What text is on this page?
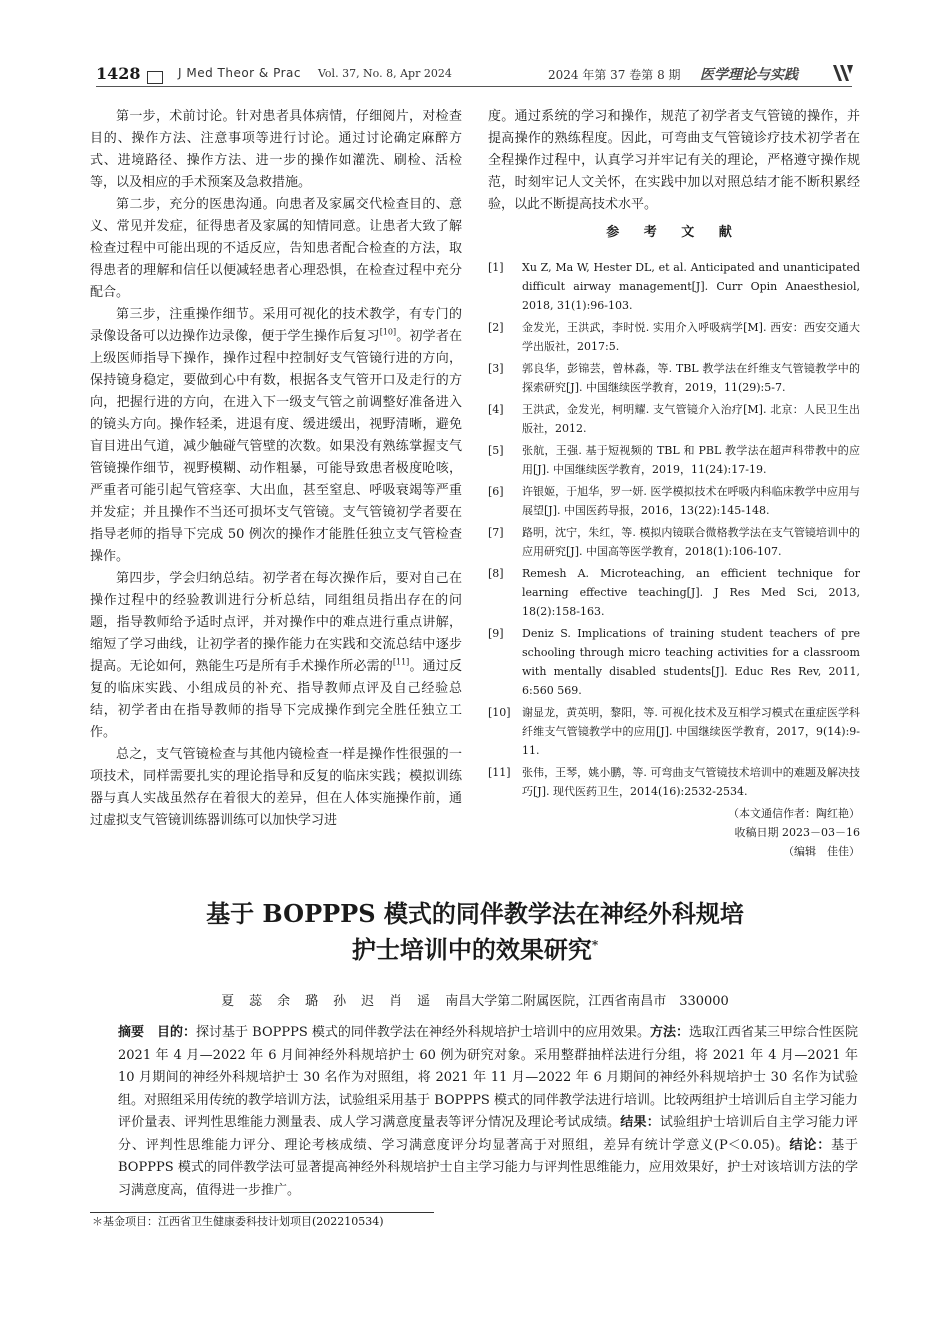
1428	J Med Theor & Prac Vol. 37, No. 8, Apr 2024	2024 年第 37 卷第 8 期 医学理论与实践

第一步，术前讨论。针对患者具体病情，仔细阅片，对检查目的、操作方法、注意事项等进行讨论。通过讨论确定麻醉方式、进境路径、操作方法、进一步的操作如灌洗、刷检、活检等，以及相应的手术预案及急救措施。

第二步，充分的医患沟通。向患者及家属交代检查目的、意义、常见并发症，征得患者及家属的知情同意。让患者大致了解检查过程中可能出现的不适反应，告知患者配合检查的方法，取得患者的理解和信任以便减轻患者心理恐惧，在检查过程中充分配合。

第三步，注重操作细节。采用可视化的技术教学，有专门的录像设备可以边操作边录像，便于学生操作后复习[10]。初学者在上级医师指导下操作，操作过程中控制好支气管镜行进的方向，保持镜身稳定，要做到心中有数，根据各支气管开口及走行的方向，把握行进的方向，在进入下一级支气管之前调整好准备进入的镜头方向。操作轻柔，进退有度、缓进缓出，视野清晰，避免盲目进出气道，减少触碰气管壁的次数。如果没有熟练掌握支气管镜操作细节，视野模糊、动作粗暴，可能导致患者极度呛咳，严重者可能引起气管痉挛、大出血，甚至窒息、呼吸衰竭等严重并发症；并且操作不当还可损坏支气管镜。支气管镜初学者要在指导老师的指导下完成 50 例次的操作才能胜任独立支气管检查操作。

第四步，学会归纳总结。初学者在每次操作后，要对自己在操作过程中的经验教训进行分析总结，同组组员指出存在的问题，指导教师给予适时点评，并对操作中的难点进行重点讲解，缩短了学习曲线，让初学者的操作能力在实践和交流总结中逐步提高。无论如何，熟能生巧是所有手术操作所必需的[11]。通过反复的临床实践、小组成员的补充、指导教师点评及自己经验总结，初学者由在指导教师的指导下完成操作到完全胜任独立工作。

总之，支气管镜检查与其他内镜检查一样是操作性很强的一项技术，同样需要扎实的理论指导和反复的临床实践；模拟训练器与真人实战虽然存在着很大的差异，但在人体实施操作前，通过虚拟支气管镜训练器训练可以加快学习进

度。通过系统的学习和操作，规范了初学者支气管镜的操作，并提高操作的熟练程度。因此，可弯曲支气管镜诊疗技术初学者在全程操作过程中，认真学习并牢记有关的理论，严格遵守操作规范，时刻牢记人文关怀，在实践中加以对照总结才能不断积累经验，以此不断提高技术水平。

参 考 文 献
[1]	Xu Z, Ma W, Hester DL, et al. Anticipated and unanticipated difficult airway management[J]. Curr Opin Anaesthesiol, 2018, 31(1):96-103.
[2]	金发光，王洪武，李时悦. 实用介入呼吸病学[M]. 西安：西安交通大学出版社，2017:5.
[3]	郭良华，彭锦芸，曾林淼，等. TBL 教学法在纤维支气管镜教学中的探索研究[J]. 中国继续医学教育，2019，11(29):5-7.
[4]	王洪武，金发光，柯明耀. 支气管镜介入治疗[M]. 北京：人民卫生出版社，2012.
[5]	张航，王强. 基于短视频的 TBL 和 PBL 教学法在超声科带教中的应用[J]. 中国继续医学教育，2019，11(24):17-19.
[6]	许银姬，于旭华，罗一妍. 医学模拟技术在呼吸内科临床教学中应用与展望[J]. 中国医药导报，2016，13(22):145-148.
[7]	路明，沈宁，朱红，等. 模拟内镜联合微格教学法在支气管镜培训中的应用研究[J]. 中国高等医学教育，2018(1):106-107.
[8]	Remesh A. Microteaching, an efficient technique for learning effective teaching[J]. J Res Med Sci, 2013, 18(2):158-163.
[9]	Deniz S. Implications of training student teachers of pre schooling through micro teaching activities for a classroom with mentally disabled students[J]. Educ Res Rev, 2011, 6:560 569.
[10]	谢显龙，黄英明，黎阳，等. 可视化技术及互相学习模式在重症医学科纤维支气管镜教学中的应用[J]. 中国继续医学教育，2017，9(14):9-11.
[11]	张伟，王琴，姚小鹏，等. 可弯曲支气管镜技术培训中的难题及解决技巧[J]. 现代医药卫生，2014(16):2532-2534.
（本文通信作者：陶红艳）
收稿日期 2023－03－16
（编辑　佳佳）
基于 BOPPPS 模式的同伴教学法在神经外科规培
护士培训中的效果研究*
夏　蕊　余　璐　孙　迟　肖　遥 南昌大学第二附属医院，江西省南昌市　330000
摘要　 目的：探讨基于 BOPPPS 模式的同伴教学法在神经外科规培护士培训中的应用效果。方法：选取江西省某三甲综合性医院 2021 年 4 月—2022 年 6 月间神经外科规培护士 60 例为研究对象。采用整群抽样法进行分组，将 2021 年 4 月—2021 年 10 月期间的神经外科规培护士 30 名作为对照组，将 2021 年 11 月—2022 年 6 月期间的神经外科规培护士 30 名作为试验组。对照组采用传统的教学培训方法，试验组采用基于 BOPPPS 模式的同伴教学法进行培训。比较两组护士培训后自主学习能力评价量表、评判性思维能力测量表、成人学习满意度量表等评分情况及理论考试成绩。结果：试验组护士培训后自主学习能力评分、评判性思维能力评分、理论考核成绩、学习满意度评分均显著高于对照组，差异有统计学意义(P＜0.05)。结论：基于 BOPPPS 模式的同伴教学法可显著提高神经外科规培护士自主学习能力与评判性思维能力，应用效果好，护士对该培训方法的学习满意度高，值得进一步推广。
＊基金项目：江西省卫生健康委科技计划项目(202210534)
